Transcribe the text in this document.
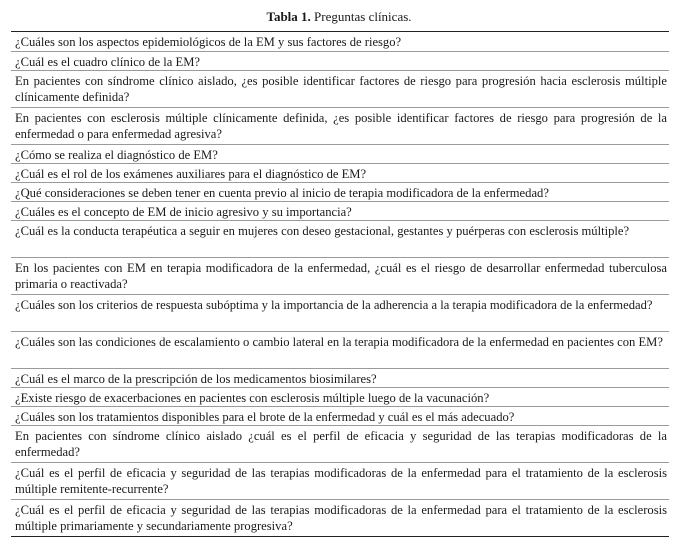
Tabla 1. Preguntas clínicas.
¿Cuáles son los aspectos epidemiológicos de la EM y sus factores de riesgo?
¿Cuál es el cuadro clínico de la EM?
En pacientes con síndrome clínico aislado, ¿es posible identificar factores de riesgo para progresión hacia esclerosis múltiple clínicamente definida?
En pacientes con esclerosis múltiple clínicamente definida, ¿es posible identificar factores de riesgo para progresión de la enfermedad o para enfermedad agresiva?
¿Cómo se realiza el diagnóstico de EM?
¿Cuál es el rol de los exámenes auxiliares para el diagnóstico de EM?
¿Qué consideraciones se deben tener en cuenta previo al inicio de terapia modificadora de la enfermedad?
¿Cuáles es el concepto de EM de inicio agresivo y su importancia?
¿Cuál es la conducta terapéutica a seguir en mujeres con deseo gestacional, gestantes y puérperas con esclerosis múltiple?
En los pacientes con EM en terapia modificadora de la enfermedad, ¿cuál es el riesgo de desarrollar enfermedad tuberculosa primaria o reactivada?
¿Cuáles son los criterios de respuesta subóptima y la importancia de la adherencia a la terapia modificadora de la enfermedad?
¿Cuáles son las condiciones de escalamiento o cambio lateral en la terapia modificadora de la enfermedad en pacientes con EM?
¿Cuál es el marco de la prescripción de los medicamentos biosimilares?
¿Existe riesgo de exacerbaciones en pacientes con esclerosis múltiple luego de la vacunación?
¿Cuáles son los tratamientos disponibles para el brote de la enfermedad y cuál es el más adecuado?
En pacientes con síndrome clínico aislado ¿cuál es el perfil de eficacia y seguridad de las terapias modificadoras de la enfermedad?
¿Cuál es el perfil de eficacia y seguridad de las terapias modificadoras de la enfermedad para el tratamiento de la esclerosis múltiple remitente-recurrente?
¿Cuál es el perfil de eficacia y seguridad de las terapias modificadoras de la enfermedad para el tratamiento de la esclerosis múltiple primariamente y secundariamente progresiva?
